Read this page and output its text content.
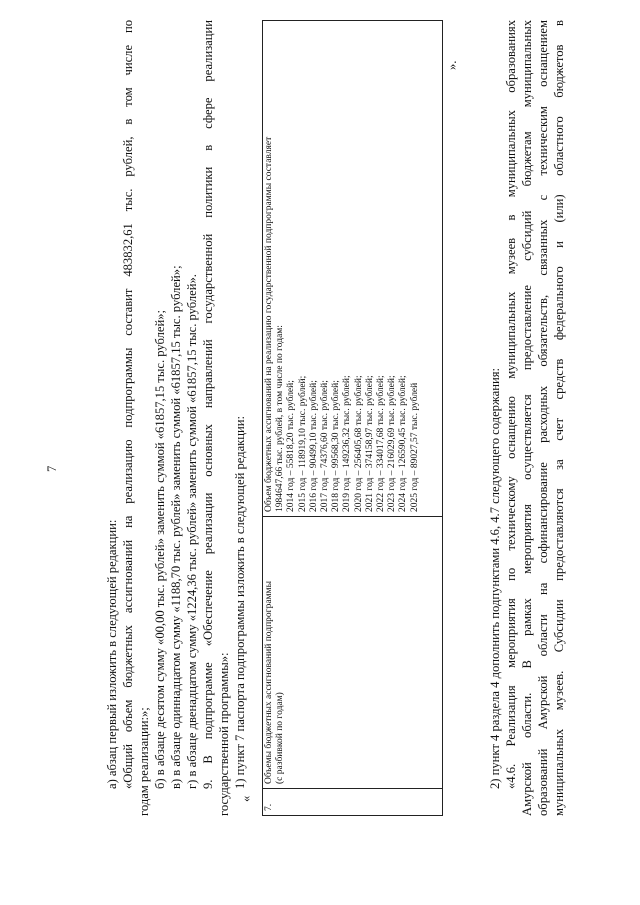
7
а) абзац первый изложить в следующей редакции: «Общий объем бюджетных ассигнований на реализацию подпрограммы составит 483832,61 тыс. рублей, в том числе по годам реализации:»; б) в абзаце десятом сумму «00,00 тыс. рублей» заменить суммой «61857,15 тыс. рублей»; в) в абзаце одиннадцатом сумму «1188,70 тыс. рублей» заменить суммой «61857,15 тыс. рублей»; г) в абзаце двенадцатом сумму «1224,36 тыс. рублей» заменить суммой «61857,15 тыс. рублей». 9. В подпрограмме «Обеспечение реализации основных направлений государственной политики в сфере реализации государственной программы»: 1) пункт 7 паспорта подпрограммы изложить в следующей редакции:
«
7.	
Объемы бюджетных ассигнований подпрограммы (с разбивкой по годам)

Объем бюджетных ассигнований на реализацию государственной подпрограммы составляет 1984647,66 тыс. рублей, в том числе по годам: 2014 год – 55818,20 тыс. рублей; 2015 год – 118919,10 тыс. рублей; 2016 год – 90499,10 тыс. рублей; 2017 год – 74376,60 тыс. рублей; 2018 год – 99568,30 тыс. рублей; 2019 год – 149236,32 тыс. рублей; 2020 год – 256405,68 тыс. рублей; 2021 год – 374158,97 тыс. рублей; 2022 год – 334017,68 тыс. рублей; 2023 год – 216029,69 тыс. рублей; 2024 год – 126590,45 тыс. рублей; 2025 год – 89027,57 тыс. рублей
».
2) пункт 4 раздела 4 дополнить подпунктами 4.6, 4.7 следующего содержания: «4.6. Реализация мероприятия по техническому оснащению муниципальных музеев в муниципальных образованиях Амурской области. В рамках мероприятия осуществляется предоставление субсидий бюджетам муниципальных образований Амурской области на софинансирование расходных обязательств, связанных с техническим оснащением муниципальных музеев. Субсидии предоставляются за счет средств федерального и (или) областного бюджетов в
